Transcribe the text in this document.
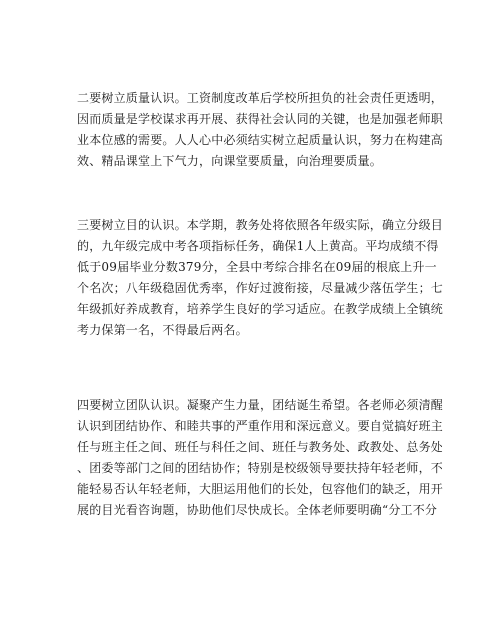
二要树立质量认识。工资制度改革后学校所担负的社会责任更透明，
因而质量是学校谋求再开展、获得社会认同的关键，也是加强老师职
业本位感的需要。人人心中必须结实树立起质量认识，努力在构建高
效、精品课堂上下气力，向课堂要质量，向治理要质量。
三要树立目的认识。本学期，教务处将依照各年级实际，确立分级目
的，九年级完成中考各项指标任务，确保1人上黄高。平均成绩不得
低于09届毕业分数379分，全县中考综合排名在09届的根底上升一
个名次；八年级稳固优秀率，作好过渡衔接，尽量减少落伍学生；七
年级抓好养成教育，培养学生良好的学习适应。在教学成绩上全镇统
考力保第一名，不得最后两名。
四要树立团队认识。凝聚产生力量，团结诞生希望。各老师必须清醒
认识到团结协作、和睦共事的严重作用和深远意义。要自觉搞好班主
任与班主任之间、班任与科任之间、班任与教务处、政教处、总务处
、团委等部门之间的团结协作；特别是校级领导要扶持年轻老师，不
能轻易否认年轻老师，大胆运用他们的长处，包容他们的缺乏，用开
展的目光看咨询题，协助他们尽快成长。全体老师要明确“分工不分
